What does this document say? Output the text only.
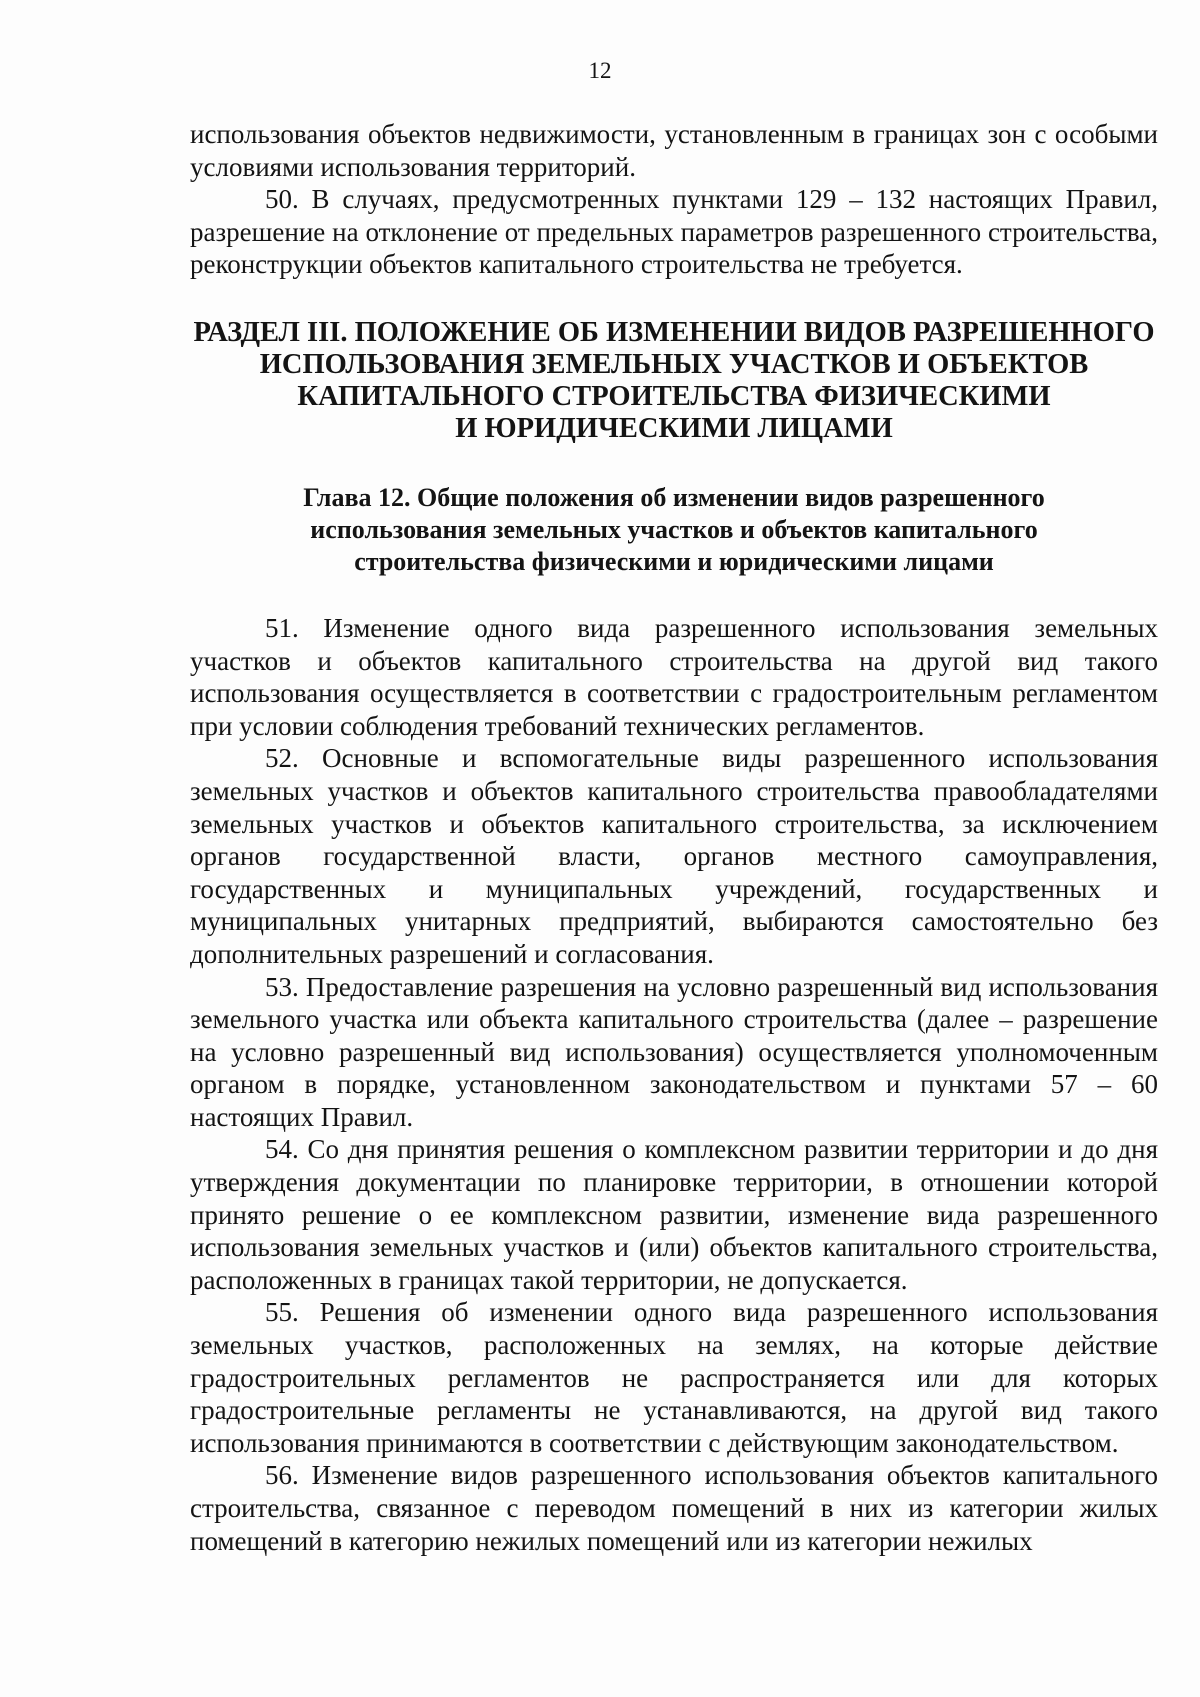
12

использования объектов недвижимости, установленным в границах зон с особыми условиями использования территорий.

50. В случаях, предусмотренных пунктами 129 – 132 настоящих Правил, разрешение на отклонение от предельных параметров разрешенного строительства, реконструкции объектов капитального строительства не требуется.

РАЗДЕЛ III. ПОЛОЖЕНИЕ ОБ ИЗМЕНЕНИИ ВИДОВ РАЗРЕШЕННОГО
ИСПОЛЬЗОВАНИЯ ЗЕМЕЛЬНЫХ УЧАСТКОВ И ОБЪЕКТОВ
КАПИТАЛЬНОГО СТРОИТЕЛЬСТВА ФИЗИЧЕСКИМИ
И ЮРИДИЧЕСКИМИ ЛИЦАМИ
Глава 12. Общие положения об изменении видов разрешенного
использования земельных участков и объектов капитального
строительства физическими и юридическими лицами

51. Изменение одного вида разрешенного использования земельных участков и объектов капитального строительства на другой вид такого использования осуществляется в соответствии с градостроительным регламентом при условии соблюдения требований технических регламентов.

52. Основные и вспомогательные виды разрешенного использования земельных участков и объектов капитального строительства правообладателями земельных участков и объектов капитального строительства, за исключением органов государственной власти, органов местного самоуправления, государственных и муниципальных учреждений, государственных и муниципальных унитарных предприятий, выбираются самостоятельно без дополнительных разрешений и согласования.

53. Предоставление разрешения на условно разрешенный вид использования земельного участка или объекта капитального строительства (далее – разрешение на условно разрешенный вид использования) осуществляется уполномоченным органом в порядке, установленном законодательством и пунктами 57 – 60 настоящих Правил.

54. Со дня принятия решения о комплексном развитии территории и до дня утверждения документации по планировке территории, в отношении которой принято решение о ее комплексном развитии, изменение вида разрешенного использования земельных участков и (или) объектов капитального строительства, расположенных в границах такой территории, не допускается.

55. Решения об изменении одного вида разрешенного использования земельных участков, расположенных на землях, на которые действие градостроительных регламентов не распространяется или для которых градостроительные регламенты не устанавливаются, на другой вид такого использования принимаются в соответствии с действующим законодательством.

56. Изменение видов разрешенного использования объектов капитального строительства, связанное с переводом помещений в них из категории жилых помещений в категорию нежилых помещений или из категории нежилых
